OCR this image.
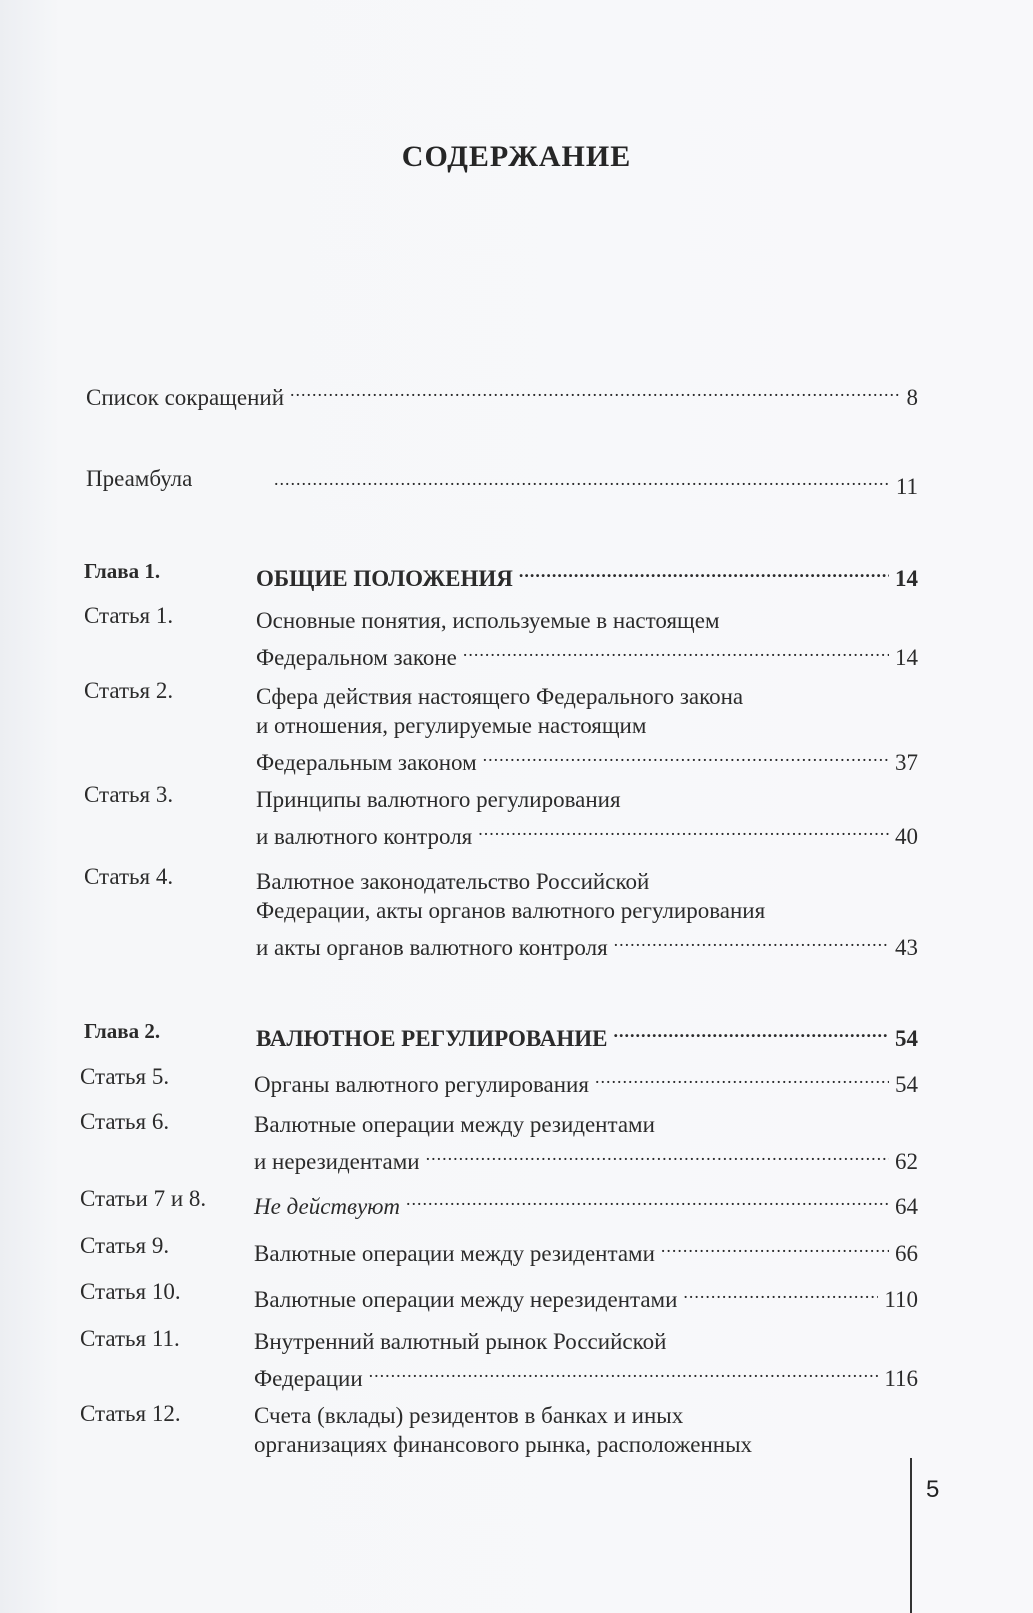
СОДЕРЖАНИЕ
Список сокращений .....	8
Преамбула .....	11
Глава 1.	ОБЩИЕ ПОЛОЖЕНИЯ .....	14
Статья 1.	Основные понятия, используемые в настоящем
Федеральном законе .....	14
Статья 2.	Сфера действия настоящего Федерального закона
и отношения, регулируемые настоящим
Федеральным законом .....	37
Статья 3.	Принципы валютного регулирования
и валютного контроля .....	40
Статья 4.	Валютное законодательство Российской
Федерации, акты органов валютного регулирования
и акты органов валютного контроля .....	43
Глава 2.	ВАЛЮТНОЕ РЕГУЛИРОВАНИЕ .....	54
Статья 5.	Органы валютного регулирования .....	54
Статья 6.	Валютные операции между резидентами
и нерезидентами .....	62
Статьи 7 и 8. Не действуют .....	64
Статья 9.	Валютные операции между резидентами .....	66
Статья 10.	Валютные операции между нерезидентами .....	110
Статья 11.	Внутренний валютный рынок Российской
Федерации .....	116
Статья 12.	Счета (вклады) резидентов в банках и иных
организациях финансового рынка, расположенных
5
